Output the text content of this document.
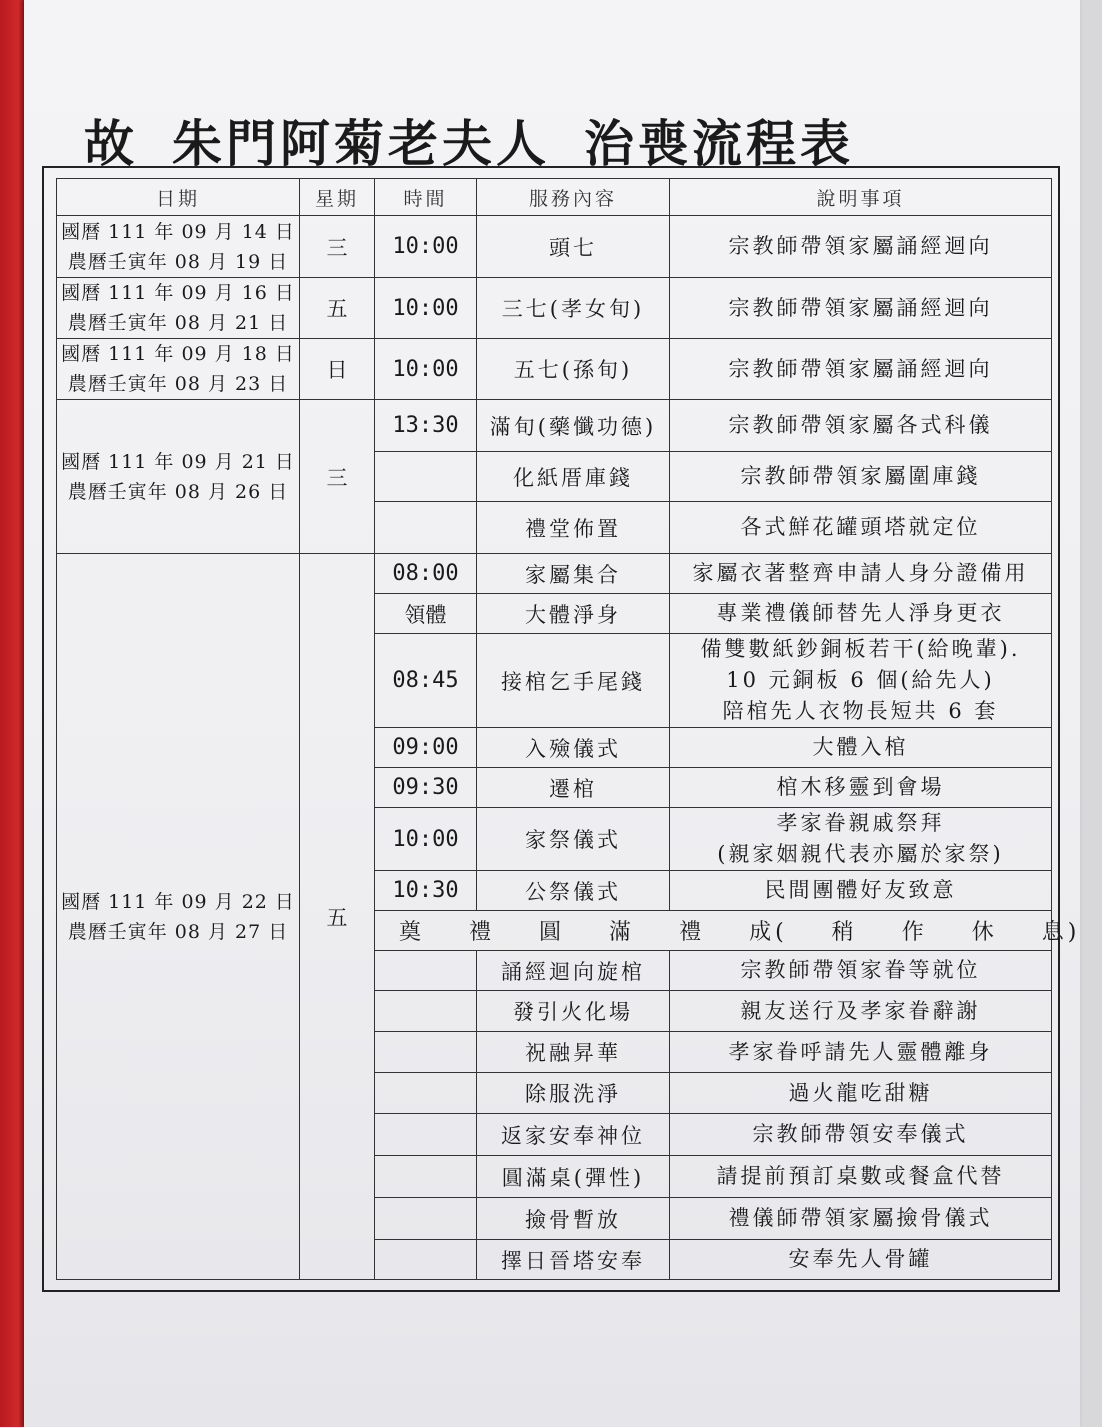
故 朱門阿菊老夫人 治喪流程表
日期	星期	時間	服務內容	說明事項

國曆 111 年 09 月 14 日
農曆壬寅年 08 月 19 日	三	10:00	頭七	宗教師帶領家屬誦經迴向

國曆 111 年 09 月 16 日
農曆壬寅年 08 月 21 日	五	10:00	三七(孝女旬)	宗教師帶領家屬誦經迴向

國曆 111 年 09 月 18 日
農曆壬寅年 08 月 23 日	日	10:00	五七(孫旬)	宗教師帶領家屬誦經迴向

國曆 111 年 09 月 21 日
農曆壬寅年 08 月 26 日	三	13:30	滿旬(藥懺功德)	宗教師帶領家屬各式科儀
			化紙厝庫錢	宗教師帶領家屬圍庫錢
			禮堂佈置	各式鮮花罐頭塔就定位

國曆 111 年 09 月 22 日
農曆壬寅年 08 月 27 日	五	08:00	家屬集合	家屬衣著整齊申請人身分證備用
		領體	大體淨身	專業禮儀師替先人淨身更衣
		08:45	接棺乞手尾錢	備雙數紙鈔銅板若干(給晚輩).
10 元銅板 6 個(給先人)
陪棺先人衣物長短共 6 套

		09:00	入殮儀式	大體入棺
		09:30	遷棺	棺木移靈到會場
		10:00	家祭儀式	孝家眷親戚祭拜
(親家姻親代表亦屬於家祭)

		10:30	公祭儀式	民間團體好友致意
		奠 禮 圓 滿 禮 成( 稍 作 休 息)		
			誦經迴向旋棺	宗教師帶領家眷等就位
			發引火化場	親友送行及孝家眷辭謝
			祝融昇華	孝家眷呼請先人靈體離身
			除服洗淨	過火龍吃甜糖
			返家安奉神位	宗教師帶領安奉儀式
			圓滿桌(彈性)	請提前預訂桌數或餐盒代替
			撿骨暫放	禮儀師帶領家屬撿骨儀式
			擇日晉塔安奉	安奉先人骨罐
